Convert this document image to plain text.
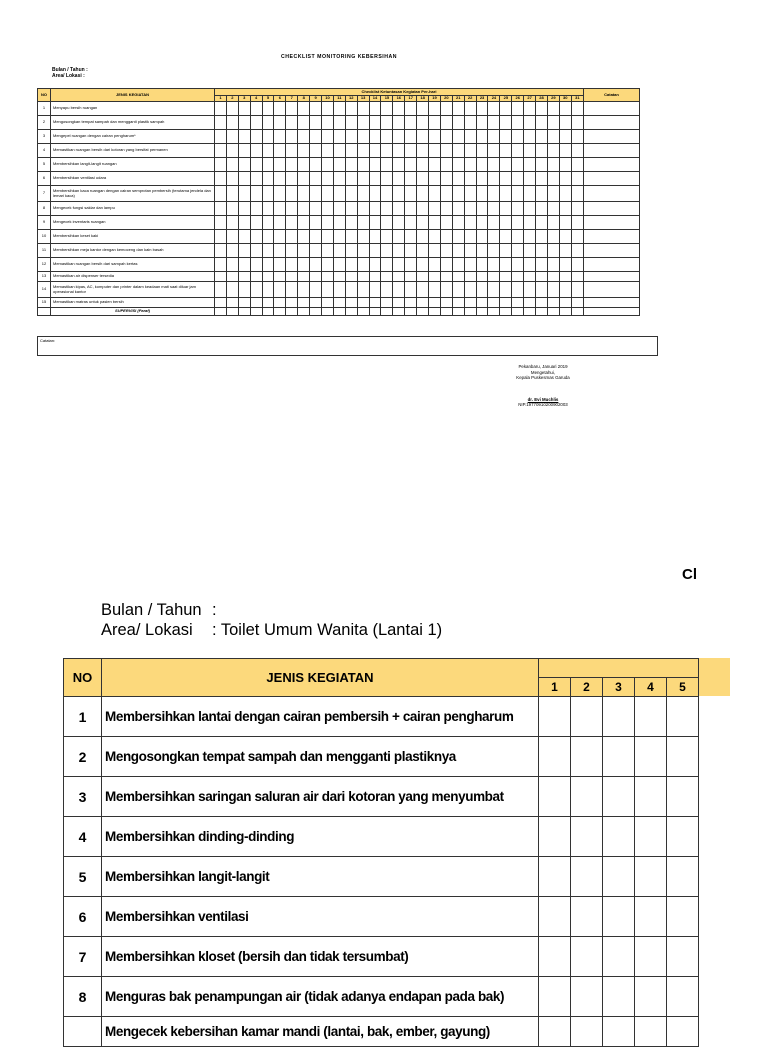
CHECKLIST MONITORING KEBERSIHAN
Bulan / Tahun :
Area/ Lokasi :
NO	JENIS KEGIATAN	Checklist Ketuntasan Kegiatan Per-hari																															Catatan
		1	2	3	4	5	6	7	8	9	10	11	12	13	14	15	16	17	18	19	20	21	22	23	24	25	26	27	28	29	30	31	
1	Menyapu bersih ruangan																																
2	Mengosongkan tempat sampah dan mengganti plastik sampah																																
3	Mengepel ruangan dengan cairan pengharum*																																
4	Memastikan ruangan bersih dari kotoran yang bersifat permanen																																
5	Membersihkan langit-langit ruangan																																
6	Membersihkan ventilasi udara																																
7	Membersihkan kaca ruangan dengan cairan semprotan pembersih (terutama jendela dan lemari kaca)																																
8	Mengecek fungsi saklar dan lampu																																
9	Mengecek inventaris ruangan																																
10	Membersihkan keset kaki																																
11	Membersihkan meja kantor dengan kemoceng dan kain basah																																
12	Memastikan ruangan bersih dari sampah kertas																																
13	Memastikan air dispenser tersedia																																
14	Memastikan kipas, AC, komputer dan printer dalam keadaan mati saat diluar jam operasional kantor																																
15	Memastikan matras untuk pasien bersih																																
	SUPERVISI (Paraf)																																
Catatan:
Pekanbaru, Januari 2019
Mengetahui,
Kepala Puskesmas Garuda
dr. Evi Muchlis
NIP.19770910200902003
Cl
Bulan / Tahun :
Area/ Lokasi : Toilet Umum Wanita (Lantai 1)
NO	JENIS KEGIATAN					
		1	2	3	4	5
1	Membersihkan lantai dengan cairan pembersih + cairan pengharum					
2	Mengosongkan tempat sampah dan mengganti plastiknya					
3	Membersihkan saringan saluran air dari kotoran yang menyumbat					
4	Membersihkan dinding-dinding					
5	Membersihkan langit-langit					
6	Membersihkan ventilasi					
7	Membersihkan kloset (bersih dan tidak tersumbat)					
8	Menguras bak penampungan air (tidak adanya endapan pada bak)					
	Mengecek kebersihan kamar mandi (lantai, bak, ember, gayung)					
